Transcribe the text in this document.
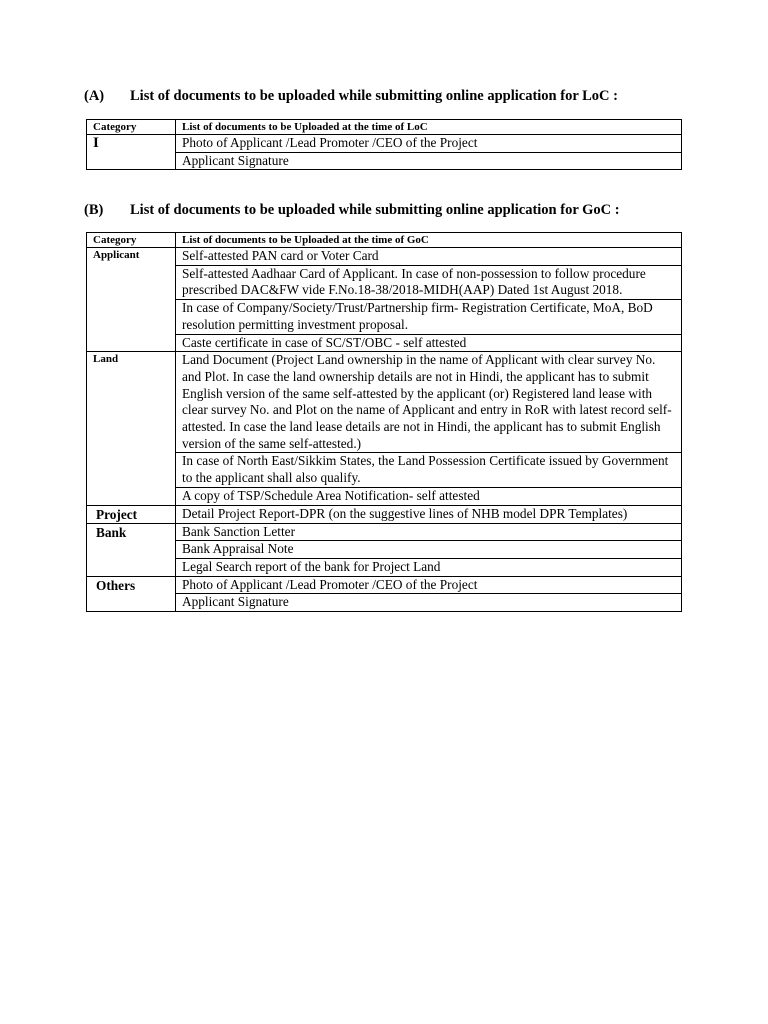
(A) List of documents to be uploaded while submitting online application for LoC :
Category	List of documents to be Uploaded at the time of LoC

I	Photo of Applicant /Lead Promoter /CEO of the Project
	Applicant Signature
(B) List of documents to be uploaded while submitting online application for GoC :
Category	List of documents to be Uploaded at the time of GoC

Applicant	Self-attested PAN card or Voter Card
	Self-attested Aadhaar Card of Applicant. In case of non-possession to follow procedure prescribed DAC&FW vide F.No.18-38/2018-MIDH(AAP) Dated 1st August 2018.
	In case of Company/Society/Trust/Partnership firm- Registration Certificate, MoA, BoD resolution permitting investment proposal.
	Caste certificate in case of SC/ST/OBC - self attested

Land	Land Document (Project Land ownership in the name of Applicant with clear survey No. and Plot. In case the land ownership details are not in Hindi, the applicant has to submit English version of the same self-attested by the applicant (or) Registered land lease with clear survey No. and Plot on the name of Applicant and entry in RoR with latest record self-attested. In case the land lease details are not in Hindi, the applicant has to submit English version of the same self-attested.)
	In case of North East/Sikkim States, the Land Possession Certificate issued by Government to the applicant shall also qualify.
	A copy of TSP/Schedule Area Notification- self attested

Project	Detail Project Report-DPR (on the suggestive lines of NHB model DPR Templates)

Bank	Bank Sanction Letter
	Bank Appraisal Note
	Legal Search report of the bank for Project Land

Others	Photo of Applicant /Lead Promoter /CEO of the Project
	Applicant Signature
